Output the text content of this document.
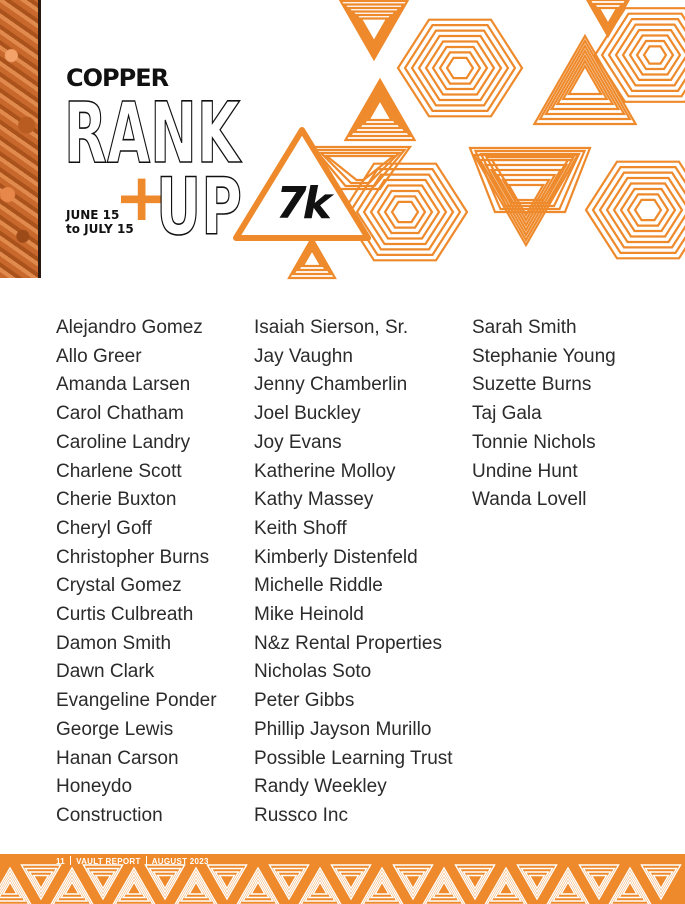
COPPER
RANK
+
UP
JUNE 15
to JULY 15	7k
Alejandro Gomez
Allo Greer
Amanda Larsen
Carol Chatham
Caroline Landry
Charlene Scott
Cherie Buxton
Cheryl Goff
Christopher Burns
Crystal Gomez
Curtis Culbreath
Damon Smith
Dawn Clark
Evangeline Ponder
George Lewis
Hanan Carson
Honeydo
Construction
Isaiah Sierson, Sr.
Jay Vaughn
Jenny Chamberlin
Joel Buckley
Joy Evans
Katherine Molloy
Kathy Massey
Keith Shoff
Kimberly Distenfeld
Michelle Riddle
Mike Heinold
N&z Rental Properties
Nicholas Soto
Peter Gibbs
Phillip Jayson Murillo
Possible Learning Trust
Randy Weekley
Russco Inc
Sarah Smith
Stephanie Young
Suzette Burns
Taj Gala
Tonnie Nichols
Undine Hunt
Wanda Lovell
11 VAULT REPORT AUGUST 2023
